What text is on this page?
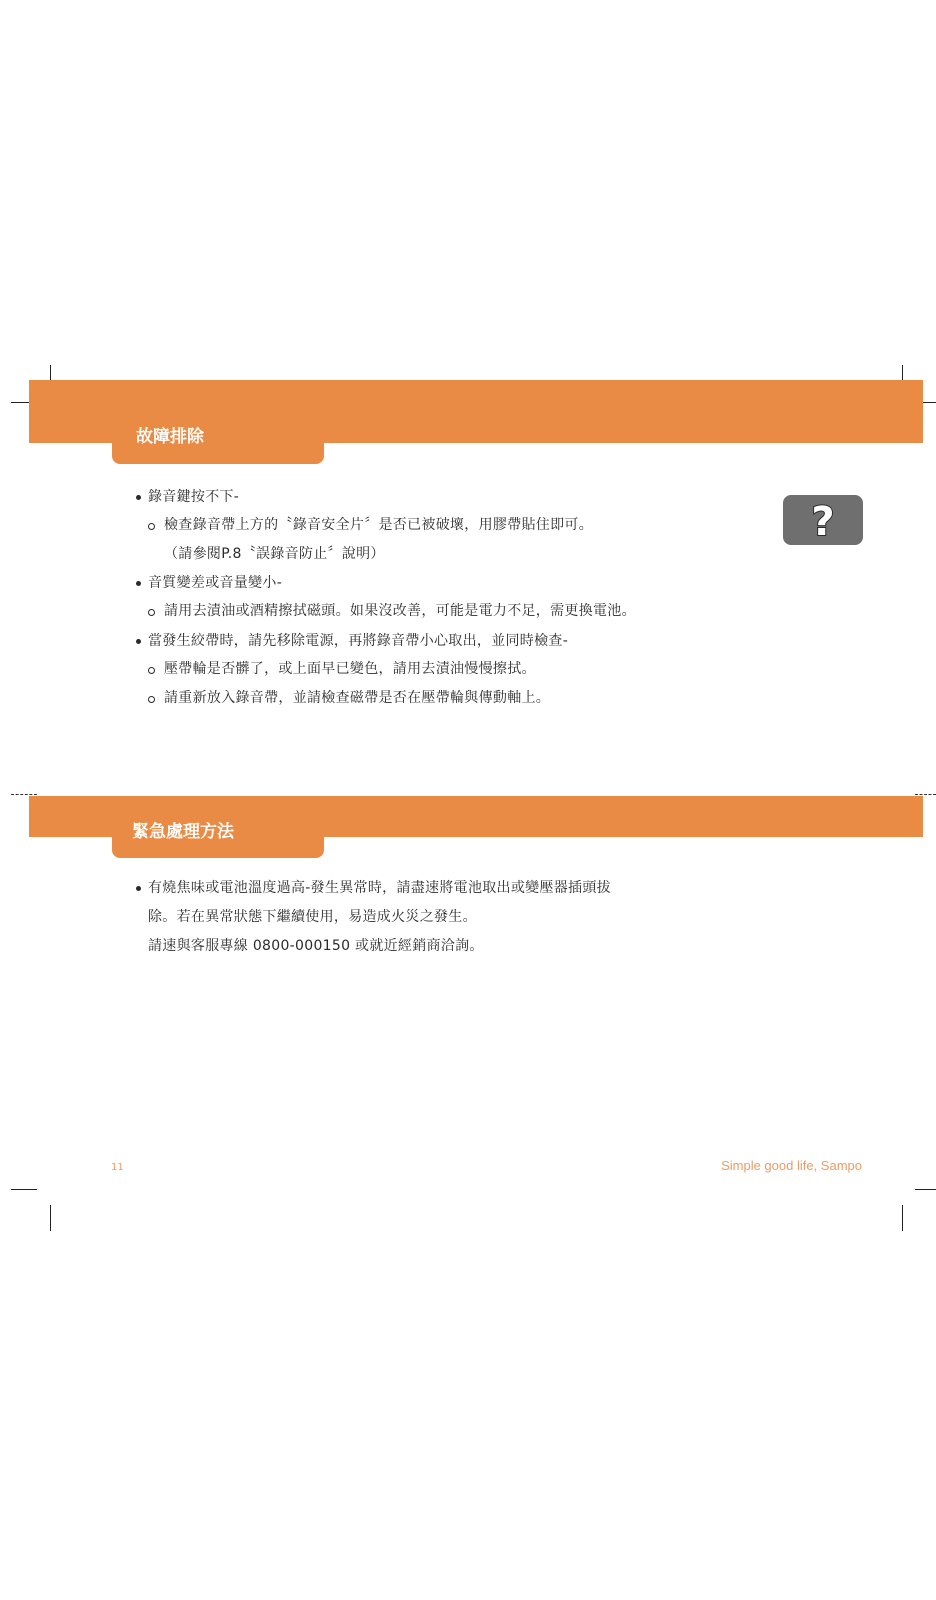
故障排除
?
錄音鍵按不下-
檢查錄音帶上方的〝錄音安全片〞是否已被破壞，用膠帶貼住即可。
（請參閱P.8〝誤錄音防止〞說明）
音質變差或音量變小-
請用去漬油或酒精擦拭磁頭。如果沒改善，可能是電力不足，需更換電池。
當發生絞帶時，請先移除電源，再將錄音帶小心取出，並同時檢查-
壓帶輪是否髒了，或上面早已變色，請用去漬油慢慢擦拭。
請重新放入錄音帶，並請檢查磁帶是否在壓帶輪與傳動軸上。
緊急處理方法
有燒焦味或電池溫度過高-發生異常時，請盡速將電池取出或變壓器插頭拔
除。若在異常狀態下繼續使用，易造成火災之發生。
請速與客服專線 0800-000150 或就近經銷商洽詢。
11	Simple good life, Sampo
